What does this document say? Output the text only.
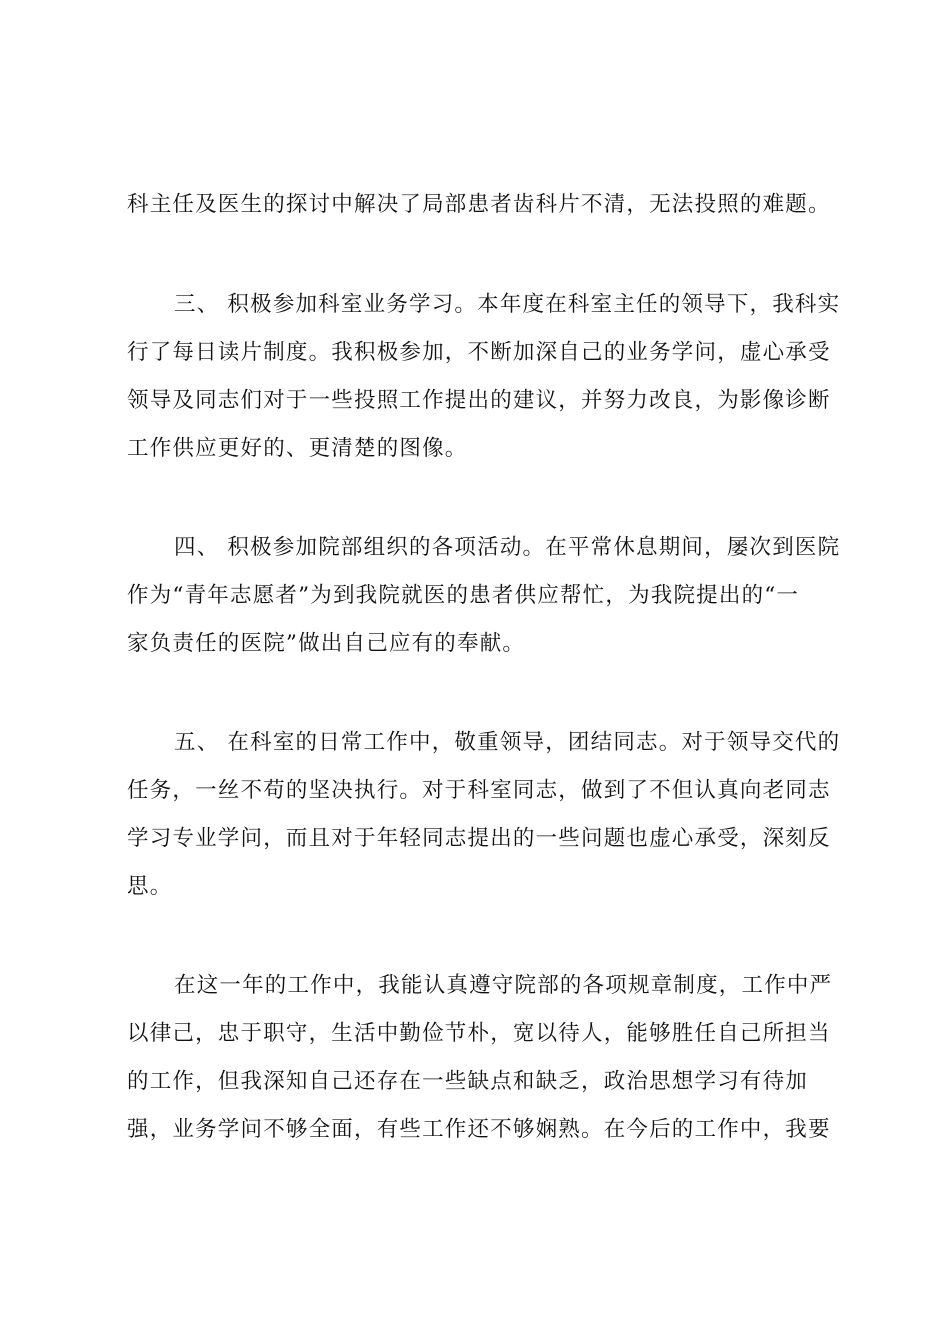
科主任及医生的探讨中解决了局部患者齿科片不清，无法投照的难题。

三、 积极参加科室业务学习。本年度在科室主任的领导下，我科实

行了每日读片制度。我积极参加，不断加深自己的业务学问，虚心承受

领导及同志们对于一些投照工作提出的建议，并努力改良，为影像诊断

工作供应更好的、更清楚的图像。

四、 积极参加院部组织的各项活动。在平常休息期间，屡次到医院

作为“青年志愿者”为到我院就医的患者供应帮忙，为我院提出的“一

家负责任的医院”做出自己应有的奉献。

五、 在科室的日常工作中，敬重领导，团结同志。对于领导交代的

任务，一丝不苟的坚决执行。对于科室同志，做到了不但认真向老同志

学习专业学问，而且对于年轻同志提出的一些问题也虚心承受，深刻反

思。

在这一年的工作中，我能认真遵守院部的各项规章制度，工作中严

以律己，忠于职守，生活中勤俭节朴，宽以待人，能够胜任自己所担当

的工作，但我深知自己还存在一些缺点和缺乏，政治思想学习有待加

强，业务学问不够全面，有些工作还不够娴熟。在今后的工作中，我要
